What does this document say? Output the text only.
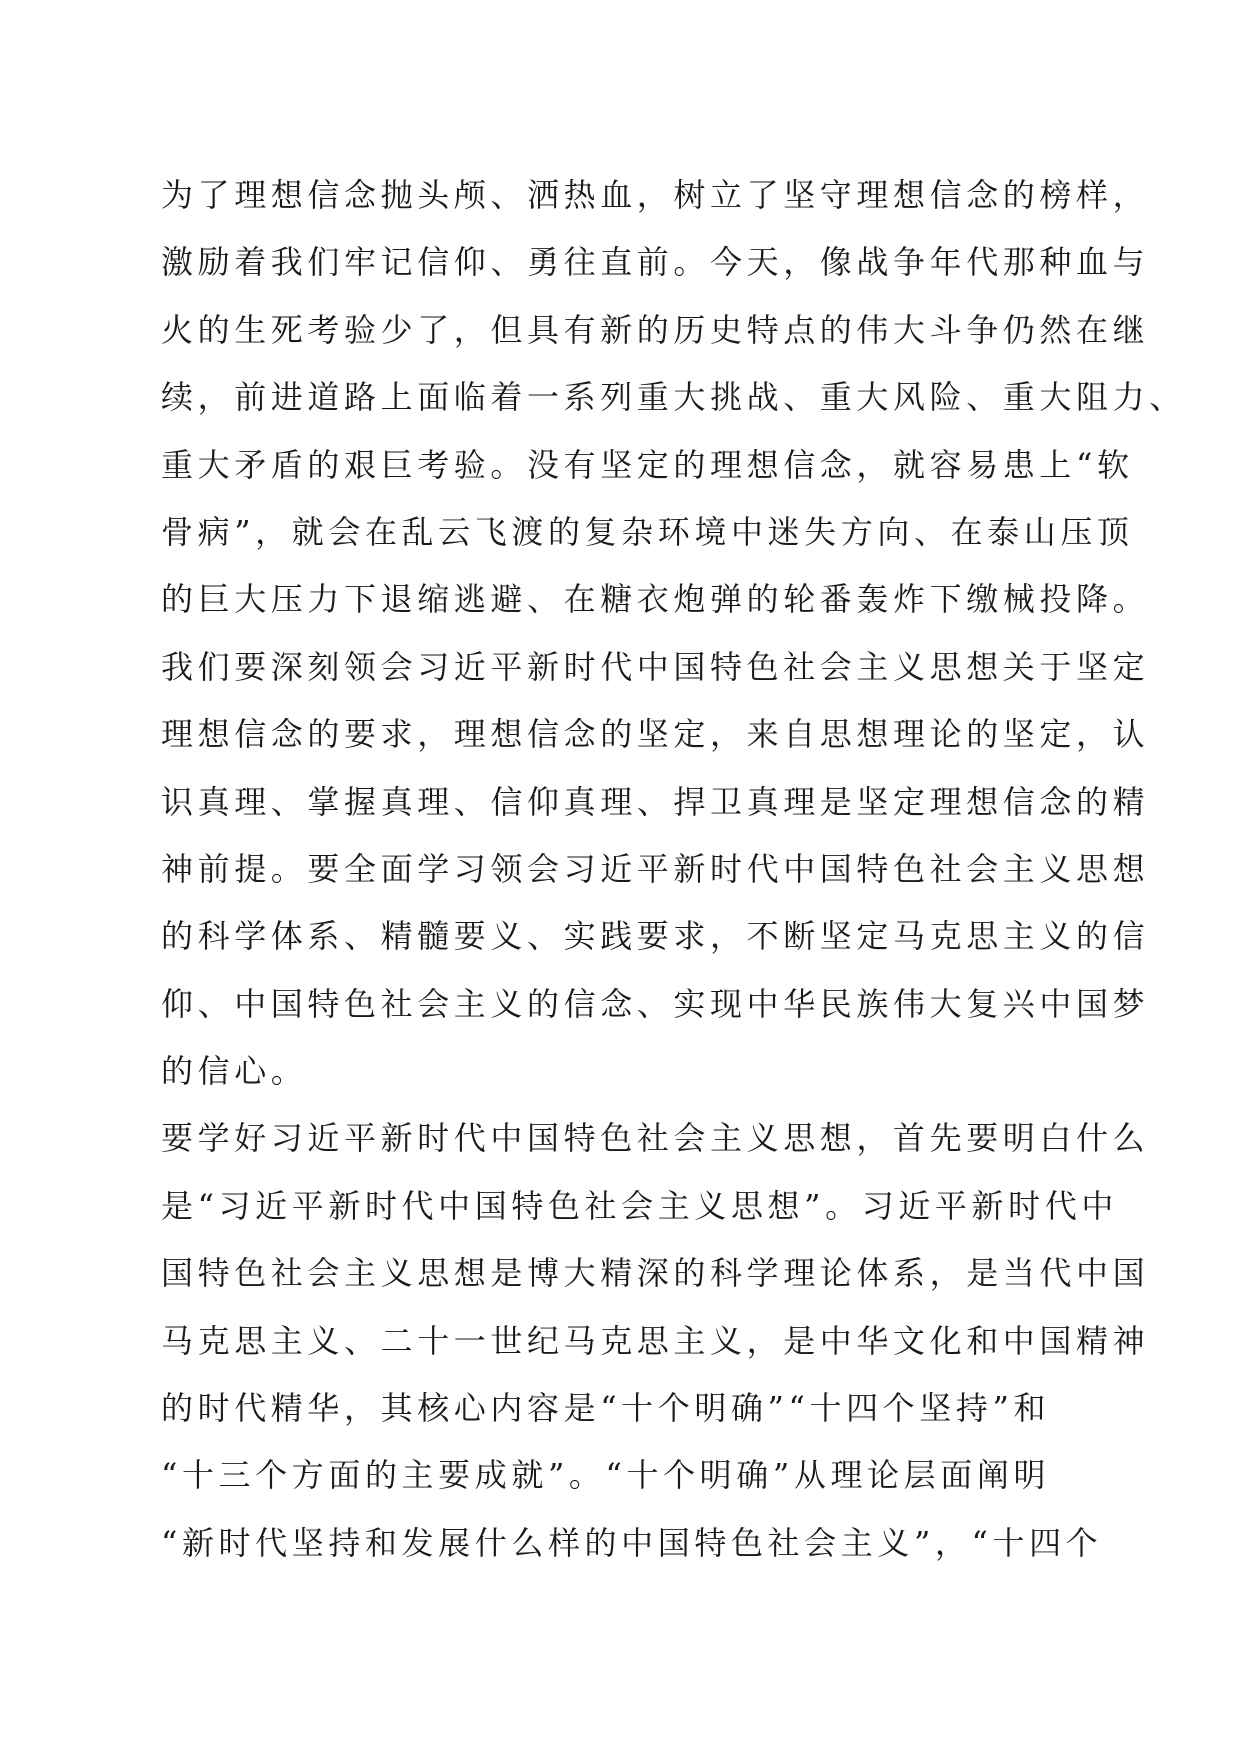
为了理想信念抛头颅、洒热血，树立了坚守理想信念的榜样，
激励着我们牢记信仰、勇往直前。今天，像战争年代那种血与
火的生死考验少了，但具有新的历史特点的伟大斗争仍然在继
续，前进道路上面临着一系列重大挑战、重大风险、重大阻力、
重大矛盾的艰巨考验。没有坚定的理想信念，就容易患上“软
骨病”，就会在乱云飞渡的复杂环境中迷失方向、在泰山压顶
的巨大压力下退缩逃避、在糖衣炮弹的轮番轰炸下缴械投降。
我们要深刻领会习近平新时代中国特色社会主义思想关于坚定
理想信念的要求，理想信念的坚定，来自思想理论的坚定，认
识真理、掌握真理、信仰真理、捍卫真理是坚定理想信念的精
神前提。要全面学习领会习近平新时代中国特色社会主义思想
的科学体系、精髓要义、实践要求，不断坚定马克思主义的信
仰、中国特色社会主义的信念、实现中华民族伟大复兴中国梦
的信心。
要学好习近平新时代中国特色社会主义思想，首先要明白什么
是“习近平新时代中国特色社会主义思想”。习近平新时代中
国特色社会主义思想是博大精深的科学理论体系，是当代中国
马克思主义、二十一世纪马克思主义，是中华文化和中国精神
的时代精华，其核心内容是“十个明确”“十四个坚持”和
“十三个方面的主要成就”。“十个明确”从理论层面阐明
“新时代坚持和发展什么样的中国特色社会主义”，“十四个
